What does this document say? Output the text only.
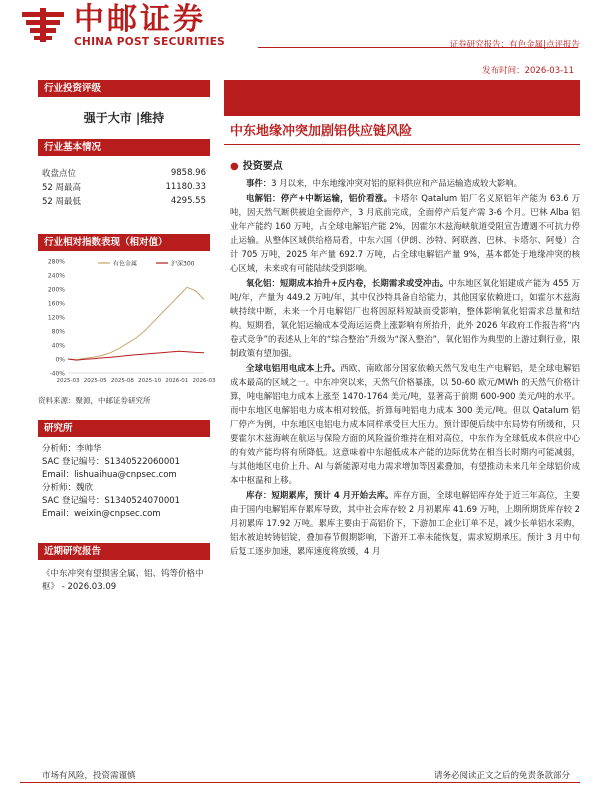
中邮证券
CHINA POST SECURITIES	证券研究报告：有色金属|点评报告
发布时间：2026-03-11
行业投资评级
强于大市 |维持
行业基本情况
收盘点位	9858.96
52 周最高	11180.33
52 周最低	4295.55
行业相对指数表现（相对值）
280%
240%
200%
160%
120%
80%
40%
0%
-40%
2025-03 2025-05 2025-08 2025-10 2026-01 2026-03
有色金属	沪深300
资料来源：聚源，中邮证券研究所
研究所
分析师：李帅华
SAC 登记编号：S1340522060001
Email：lishuaihua@cnpsec.com
分析师：魏欣
SAC 登记编号：S1340524070001
Email：weixin@cnpsec.com
近期研究报告
《中东冲突有望损害全属、铝、钨等价格中枢》 - 2026.03.09
中东地缘冲突加剧铝供应链风险
● 投资要点

事件：3 月以来，中东地缘冲突对铝的原料供应和产品运输造成较大影响。

电解铝：停产+中断运输，铝价看涨。卡塔尔 Qatalum 铝厂名义原铝年产能为 63.6 万吨，因天然气断供被迫全面停产，3 月底前完成，全面停产后复产需 3-6 个月。巴林 Alba 铝业年产能约 160 万吨，占全球电解铝产能 2%，因霍尔木兹海峡航道受阻宣告遭遇不可抗力停止运输。从整体区域供给格局看，中东六国（伊朗、沙特、阿联酋、巴林、卡塔尔、阿曼）合计 705 万吨，2025 年产量 692.7 万吨，占全球电解铝产量 9%，基本都处于地缘冲突的核心区域，未来或有可能陆续受到影响。

氧化铝：短期成本抬升+反内卷，长期需求或受冲击。中东地区氧化铝建成产能为 455 万吨/年，产量为 449.2 万吨/年，其中仅沙特具备自给能力，其他国家依赖进口，如霍尔木兹海峡持续中断，未来一个月电解铝厂也将因原料短缺而受影响，整体影响氧化铝需求总量和结构。短期看，氧化铝运输成本受海运运费上涨影响有所抬升，此外 2026 年政府工作报告将“内卷式竞争”的表述从上年的“综合整治”升级为“深入整治”，氧化铝作为典型的上游过剩行业，限制政策有望加强。

全球电铝用电成本上升。西欧、南欧部分国家依赖天然气发电生产电解铝，是全球电解铝成本最高的区域之一。中东冲突以来，天然气价格暴涨，以 50-60 欧元/MWh 的天然气价格计算，吨电解铝电力成本上涨至 1470-1764 美元/吨，显著高于前期 600-900 美元/吨的水平。而中东地区电解铝电力成本相对较低，折算每吨铝电力成本 300 美元/吨。但以 Qatalum 铝厂停产为例，中东地区电铝电力成本同样承受巨大压力。预计即便后续中东局势有所缓和，只要霍尔木兹海峡在航运与保险方面的风险溢价维持在相对高位，中东作为全球低成本供应中心的有效产能均将有所降低。这意味着中东超低成本产能的边际优势在相当长时期内可能减弱，与其他地区电价上升、AI 与新能源对电力需求增加等因素叠加，有望推动未来几年全球铝价成本中枢温和上移。

库存：短期累库，预计 4 月开始去库。库存方面，全球电解铝库存处于近三年高位，主要由于国内电解铝库存累库导致，其中社会库存较 2 月初累库 41.69 万吨，上期所期货库存较 2 月初累库 17.92 万吨。累库主要由于高铝价下，下游加工企业订单不足，减少长单铝水采购，铝水被迫转铸铝锭，叠加春节假期影响，下游开工率未能恢复，需求短期承压。预计 3 月中旬后复工逐步加速，累库速度将放缓，4 月

市场有风险，投资需谨慎	请务必阅读正文之后的免责条款部分
